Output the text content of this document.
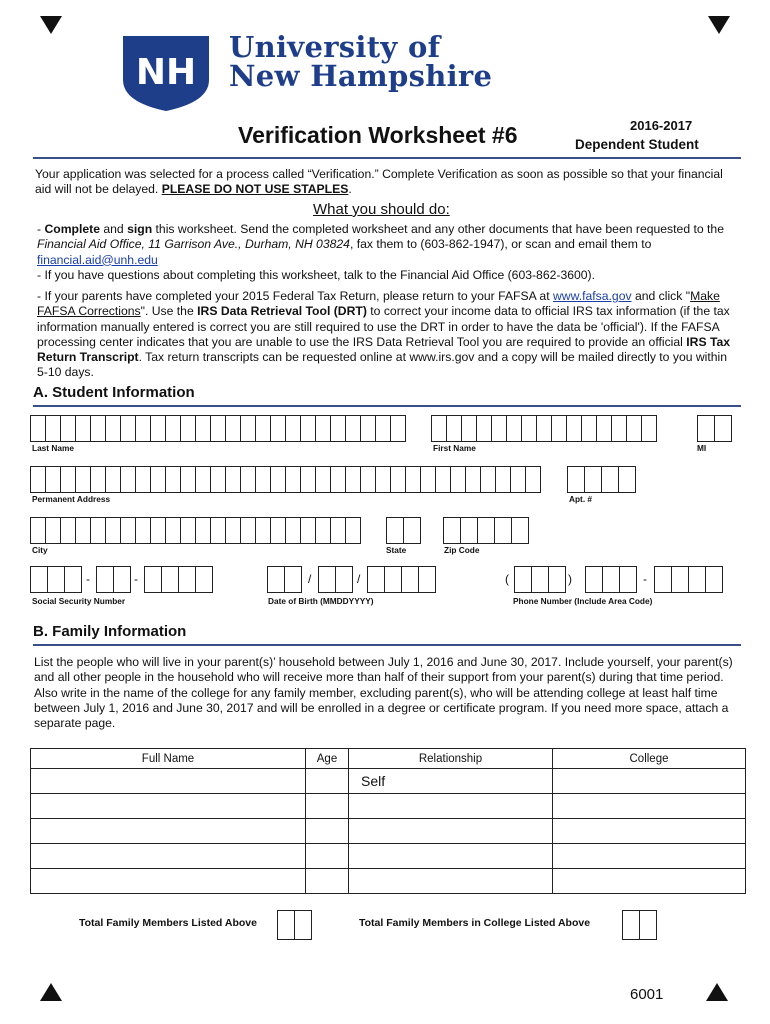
NH
University of
New Hampshire
Verification Worksheet #6	2016-2017
Dependent Student
Your application was selected for a process called “Verification.” Complete Verification as soon as possible so that your financial aid will not be delayed. PLEASE DO NOT USE STAPLES.
What you should do:
- Complete and sign this worksheet. Send the completed worksheet and any other documents that have been requested to the Financial Aid Office, 11 Garrison Ave., Durham, NH 03824, fax them to (603-862-1947), or scan and email them to financial.aid@unh.edu
- If you have questions about completing this worksheet, talk to the Financial Aid Office (603-862-3600).
- If your parents have completed your 2015 Federal Tax Return, please return to your FAFSA at www.fafsa.gov and click "Make FAFSA Corrections". Use the IRS Data Retrieval Tool (DRT) to correct your income data to official IRS tax information (if the tax information manually entered is correct you are still required to use the DRT in order to have the data be 'official'). If the FAFSA processing center indicates that you are unable to use the IRS Data Retrieval Tool you are required to provide an official IRS Tax Return Transcript. Tax return transcripts can be requested online at www.irs.gov and a copy will be mailed directly to you within 5-10 days.
A. Student Information
Last Name	First Name	MI
Permanent Address	Apt. #
City	State	Zip Code
-	-	/	/	(	)	-
Social Security Number	Date of Birth (MMDDYYYY)	Phone Number (Include Area Code)
B. Family Information
List the people who will live in your parent(s)’ household between July 1, 2016 and June 30, 2017. Include yourself, your parent(s) and all other people in the household who will receive more than half of their support from your parent(s) during that time period. Also write in the name of the college for any family member, excluding parent(s), who will be attending college at least half time between July 1, 2016 and June 30, 2017 and will be enrolled in a degree or certificate program. If you need more space, attach a separate page.
Full Name	Age	Relationship	College
		Self	

Total Family Members Listed Above	Total Family Members in College Listed Above
6001
